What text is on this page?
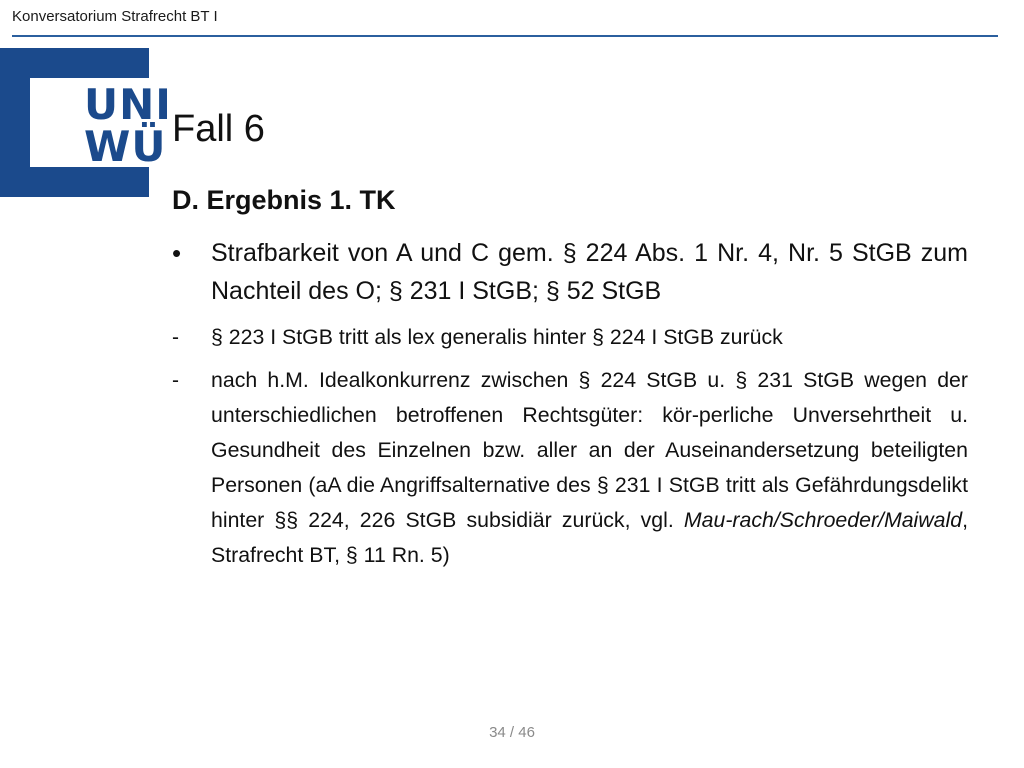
Konversatorium Strafrecht BT I
UNI
WÜ Fall 6
D. Ergebnis 1. TK
• Strafbarkeit von A und C gem. § 224 Abs. 1 Nr. 4, Nr. 5 StGB zum Nachteil des O; § 231 I StGB; § 52 StGB
- § 223 I StGB tritt als lex generalis hinter § 224 I StGB zurück
- nach h.M. Idealkonkurrenz zwischen § 224 StGB u. § 231 StGB wegen der unterschiedlichen betroffenen Rechtsgüter: kör-perliche Unversehrtheit u. Gesundheit des Einzelnen bzw. aller an der Auseinandersetzung beteiligten Personen (aA die Angriffsalternative des § 231 I StGB tritt als Gefährdungsdelikt hinter §§ 224, 226 StGB subsidiär zurück, vgl. Mau-rach/Schroeder/Maiwald, Strafrecht BT, § 11 Rn. 5)
34 / 46
